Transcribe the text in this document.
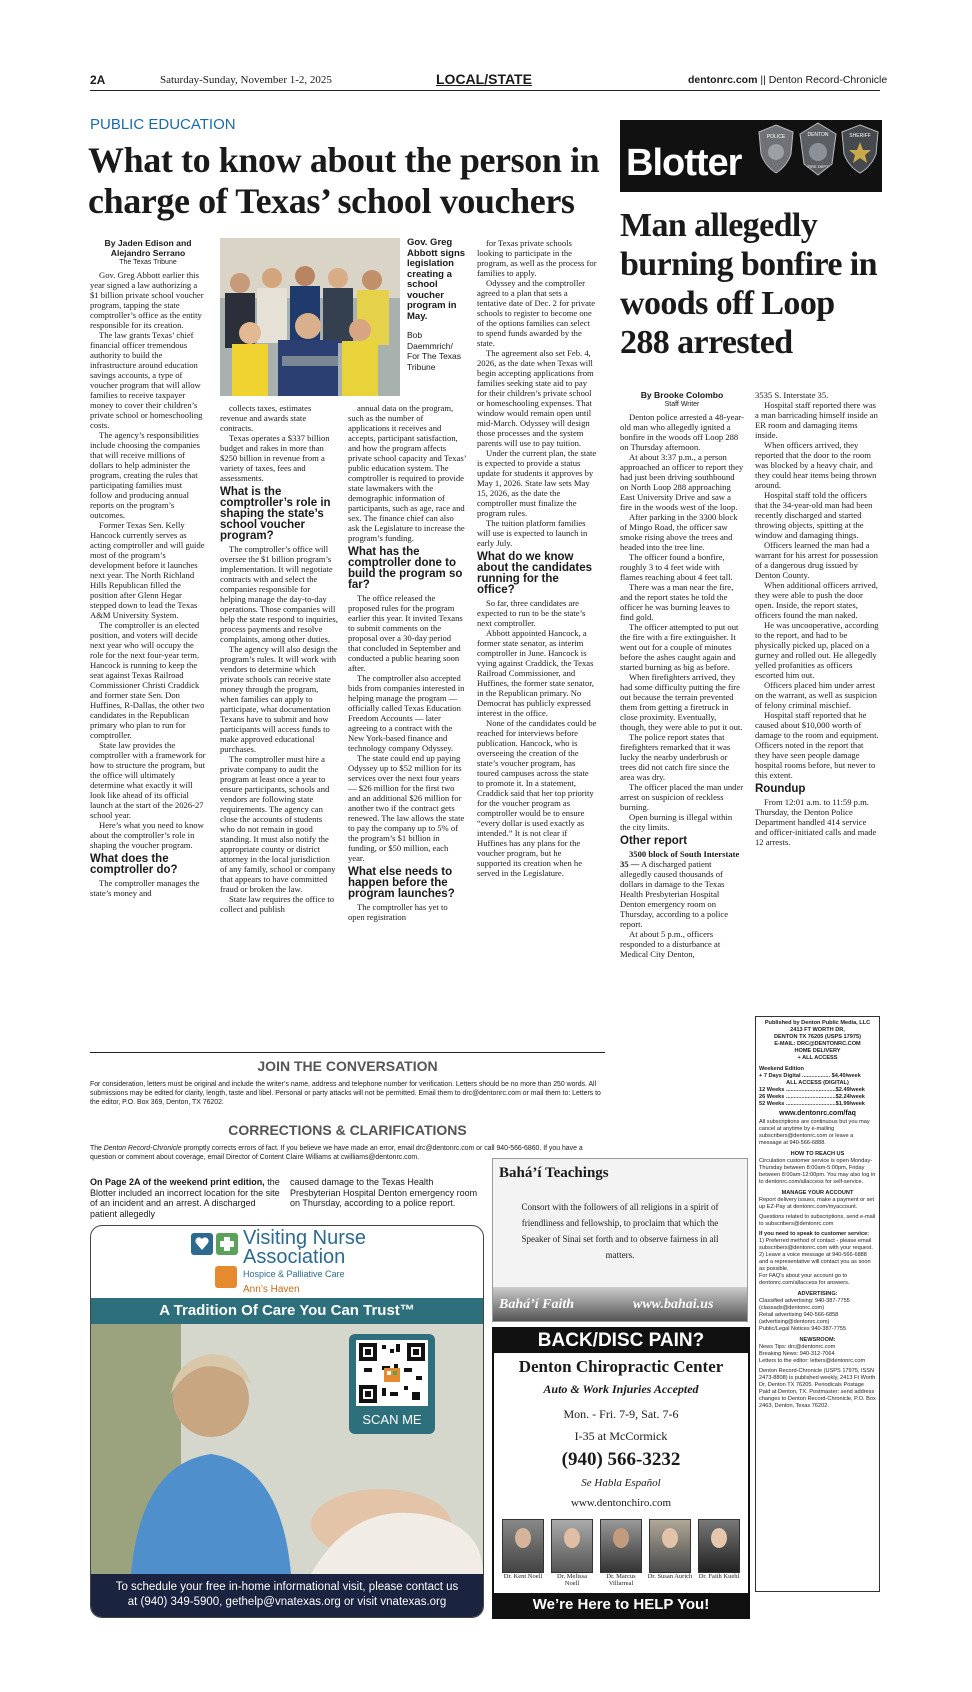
2A	Saturday-Sunday, November 1-2, 2025	LOCAL/STATE	dentonrc.com || Denton Record-Chronicle
PUBLIC EDUCATION
What to know about the person in charge of Texas’ school vouchers
By Jaden Edison and Alejandro Serrano
The Texas Tribune

Gov. Greg Abbott earlier this year signed a law authorizing a $1 billion private school voucher program, tapping the state comptroller’s office as the entity responsible for its creation.

The law grants Texas’ chief financial officer tremendous authority to build the infrastructure around education savings accounts, a type of voucher program that will allow families to receive taxpayer money to cover their children’s private school or homeschooling costs.

The agency’s responsibilities include choosing the companies that will receive millions of dollars to help administer the program, creating the rules that participating families must follow and producing annual reports on the program’s outcomes.

Former Texas Sen. Kelly Hancock currently serves as acting comptroller and will guide most of the program’s development before it launches next year. The North Richland Hills Republican filled the position after Glenn Hegar stepped down to lead the Texas A&M University System.

The comptroller is an elected position, and voters will decide next year who will occupy the role for the next four-year term. Hancock is running to keep the seat against Texas Railroad Commissioner Christi Craddick and former state Sen. Don Huffines, R-Dallas, the other two candidates in the Republican primary who plan to run for comptroller.

State law provides the comptroller with a framework for how to structure the program, but the office will ultimately determine what exactly it will look like ahead of its official launch at the start of the 2026-27 school year.

Here’s what you need to know about the comptroller’s role in shaping the voucher program.

What does the comptroller do?

The comptroller manages the state’s money and

Gov. Greg Abbott signs legislation creating a school voucher program in May.
Bob Daemmrich/ For The Texas Tribune

collects taxes, estimates revenue and awards state contracts.

Texas operates a $337 billion budget and rakes in more than $250 billion in revenue from a variety of taxes, fees and assessments.

What is the comptroller’s role in shaping the state’s school voucher program?

The comptroller’s office will oversee the $1 billion program’s implementation. It will negotiate contracts with and select the companies responsible for helping manage the day-to-day operations. Those companies will help the state respond to inquiries, process payments and resolve complaints, among other duties.

The agency will also design the program’s rules. It will work with vendors to determine which private schools can receive state money through the program, when families can apply to participate, what documentation Texans have to submit and how participants will access funds to make approved educational purchases.

The comptroller must hire a private company to audit the program at least once a year to ensure participants, schools and vendors are following state requirements. The agency can close the accounts of students who do not remain in good standing. It must also notify the appropriate county or district attorney in the local jurisdiction of any family, school or company that appears to have committed fraud or broken the law.

State law requires the office to collect and publish

annual data on the program, such as the number of applications it receives and accepts, participant satisfaction, and how the program affects private school capacity and Texas’ public education system. The comptroller is required to provide state lawmakers with the demographic information of participants, such as age, race and sex. The finance chief can also ask the Legislature to increase the program’s funding.

What has the comptroller done to build the program so far?

The office released the proposed rules for the program earlier this year. It invited Texans to submit comments on the proposal over a 30-day period that concluded in September and conducted a public hearing soon after.

The comptroller also accepted bids from companies interested in helping manage the program — officially called Texas Education Freedom Accounts — later agreeing to a contract with the New York-based finance and technology company Odyssey.

The state could end up paying Odyssey up to $52 million for its services over the next four years — $26 million for the first two and an additional $26 million for another two if the contract gets renewed. The law allows the state to pay the company up to 5% of the program’s $1 billion in funding, or $50 million, each year.

What else needs to happen before the program launches?

The comptroller has yet to open registration

for Texas private schools looking to participate in the program, as well as the process for families to apply.

Odyssey and the comptroller agreed to a plan that sets a tentative date of Dec. 2 for private schools to register to become one of the options families can select to spend funds awarded by the state.

The agreement also set Feb. 4, 2026, as the date when Texas will begin accepting applications from families seeking state aid to pay for their children’s private school or homeschooling expenses. That window would remain open until mid-March. Odyssey will design those processes and the system parents will use to pay tuition.

Under the current plan, the state is expected to provide a status update for students it approves by May 1, 2026. State law sets May 15, 2026, as the date the comptroller must finalize the program rules.

The tuition platform families will use is expected to launch in early July.

What do we know about the candidates running for the office?

So far, three candidates are expected to run to be the state’s next comptroller.

Abbott appointed Hancock, a former state senator, as interim comptroller in June. Hancock is vying against Craddick, the Texas Railroad Commissioner, and Huffines, the former state senator, in the Republican primary. No Democrat has publicly expressed interest in the office.

None of the candidates could be reached for interviews before publication. Hancock, who is overseeing the creation of the state’s voucher program, has toured campuses across the state to promote it. In a statement, Craddick said that her top priority for the voucher program as comptroller would be to ensure “every dollar is used exactly as intended.” It is not clear if Huffines has any plans for the voucher program, but he supported its creation when he served in the Legislature.

JOIN THE CONVERSATION
For consideration, letters must be original and include the writer’s name, address and telephone number for verification. Letters should be no more than 250 words. All submissions may be edited for clarity, length, taste and libel. Personal or party attacks will not be permitted. Email them to drc@dentonrc.com or mail them to: Letters to the editor, P.O. Box 369, Denton, TX 76202.
CORRECTIONS & CLARIFICATIONS
The Denton Record-Chronicle promptly corrects errors of fact. If you believe we have made an error, email drc@dentonrc.com or call 940-566-6860. If you have a question or comment about coverage, email Director of Content Claire Williams at cwilliams@dentonrc.com.
On Page 2A of the weekend print edition, the Blotter included an incorrect location for the site of an incident and an arrest. A discharged patient allegedly
caused damage to the Texas Health Presbyterian Hospital Denton emergency room on Thursday, according to a police report.
Visiting Nurse
Association
Hospice & Palliative Care
Ann’s Haven
A Tradition Of Care You Can Trust™
SCAN ME
To schedule your free in-home informational visit, please contact us
at (940) 349-5900, gethelp@vnatexas.org or visit vnatexas.org
Blotter
POLICE	DENTON
FIRE DEPT
SHERIFF
Man allegedly burning bonfire in woods off Loop 288 arrested
By Brooke Colombo
Staff Writer

Denton police arrested a 48-year-old man who allegedly ignited a bonfire in the woods off Loop 288 on Thursday afternoon.

At about 3:37 p.m., a person approached an officer to report they had just been driving southbound on North Loop 288 approaching East University Drive and saw a fire in the woods west of the loop.

After parking in the 3300 block of Mingo Road, the officer saw smoke rising above the trees and headed into the tree line.

The officer found a bonfire, roughly 3 to 4 feet wide with flames reaching about 4 feet tall.

There was a man near the fire, and the report states he told the officer he was burning leaves to find gold.

The officer attempted to put out the fire with a fire extinguisher. It went out for a couple of minutes before the ashes caught again and started burning as big as before.

When firefighters arrived, they had some difficulty putting the fire out because the terrain prevented them from getting a firetruck in close proximity. Eventually, though, they were able to put it out.

The police report states that firefighters remarked that it was lucky the nearby underbrush or trees did not catch fire since the area was dry.

The officer placed the man under arrest on suspicion of reckless burning.

Open burning is illegal within the city limits.

Other report

3500 block of South Interstate 35 — A discharged patient allegedly caused thousands of dollars in damage to the Texas Health Presbyterian Hospital Denton emergency room on Thursday, according to a police report.

At about 5 p.m., officers responded to a disturbance at Medical City Denton,

3535 S. Interstate 35.

Hospital staff reported there was a man barricading himself inside an ER room and damaging items inside.

When officers arrived, they reported that the door to the room was blocked by a heavy chair, and they could hear items being thrown around.

Hospital staff told the officers that the 34-year-old man had been recently discharged and started throwing objects, spitting at the window and damaging things.

Officers learned the man had a warrant for his arrest for possession of a dangerous drug issued by Denton County.

When additional officers arrived, they were able to push the door open. Inside, the report states, officers found the man naked.

He was uncooperative, according to the report, and had to be physically picked up, placed on a gurney and rolled out. He allegedly yelled profanities as officers escorted him out.

Officers placed him under arrest on the warrant, as well as suspicion of felony criminal mischief.

Hospital staff reported that he caused about $10,000 worth of damage to the room and equipment. Officers noted in the report that they have seen people damage hospital rooms before, but never to this extent.

Roundup

From 12:01 a.m. to 11:59 p.m. Thursday, the Denton Police Department handled 414 service and officer-initiated calls and made 12 arrests.

Published by Denton Public Media, LLC

2413 FT WORTH DR,

DENTON TX 76205 (USPS 17975)

E-MAIL: DRC@DENTONRC.COM

HOME DELIVERY

+ ALL ACCESS

Weekend Edition

+ 7 Days Digital .................. $4.40/week

ALL ACCESS (DIGITAL)

12 Weeks ................................$2.49/week

26 Weeks ................................$2.24/week

52 Weeks ................................$1.99/week

www.dentonrc.com/faq

All subscriptions are continuous but you may cancel at anytime by e-mailing subscribers@dentonrc.com or leave a message at 940-566-6888.

HOW TO REACH US

Circulation customer service is open Monday-Thursday between 8:00am-5:00pm, Friday between 8:00am-12:00pm. You may also log in to dentonrc.com/allaccess for self-service.

MANAGE YOUR ACCOUNT

Report delivery issues, make a payment or set up EZ-Pay at dentonrc.com/myaccount.

Questions related to subscriptions, send e-mail to subscribers@dentonrc.com

If you need to speak to customer service:

1) Preferred method of contact - please email subscribers@dentonrc.com with your request.

2) Leave a voice message at 940-566-6888 and a representative will contact you as soon as possible.

For FAQ’s about your account go to dentonrc.com/allaccess for answers.

ADVERTISING:

Classified advertising: 940-387-7755 (classads@dentonrc.com)

Retail advertising 940-566-6858 (advertising@dentonrc.com)

Public/Legal Notices 940-387-7755

NEWSROOM:

News Tips: drc@dentonrc.com

Breaking News: 940-312-7064

Letters to the editor: letters@dentonrc.com

Denton Record-Chronicle (USPS 17975, ISSN 2473-8808) is published weekly, 2413 Ft Worth Dr, Denton TX 76205. Periodicals Postage Paid at Denton, TX. Postmaster: send address changes to Denton Record-Chronicle, P.O. Box 2463, Denton, Texas 76202.

Bahá’í Teachings
Consort with the followers of all religions in a spirit of friendliness and fellowship, to proclaim that which the Speaker of Sinai set forth and to observe fairness in all matters.
Bahá’í Faith	www.bahai.us
BACK/DISC PAIN?
Denton Chiropractic Center
Auto & Work Injuries Accepted
Mon. - Fri. 7-9, Sat. 7-6
I-35 at McCormick
(940) 566-3232
Se Habla Español
www.dentonchiro.com
Dr. Kent Noell	Dr. Melissa Noell
Dr. Marcus Villarreal
Dr. Susan Aurich Dr. Faith Kuehl
We’re Here to HELP You!
